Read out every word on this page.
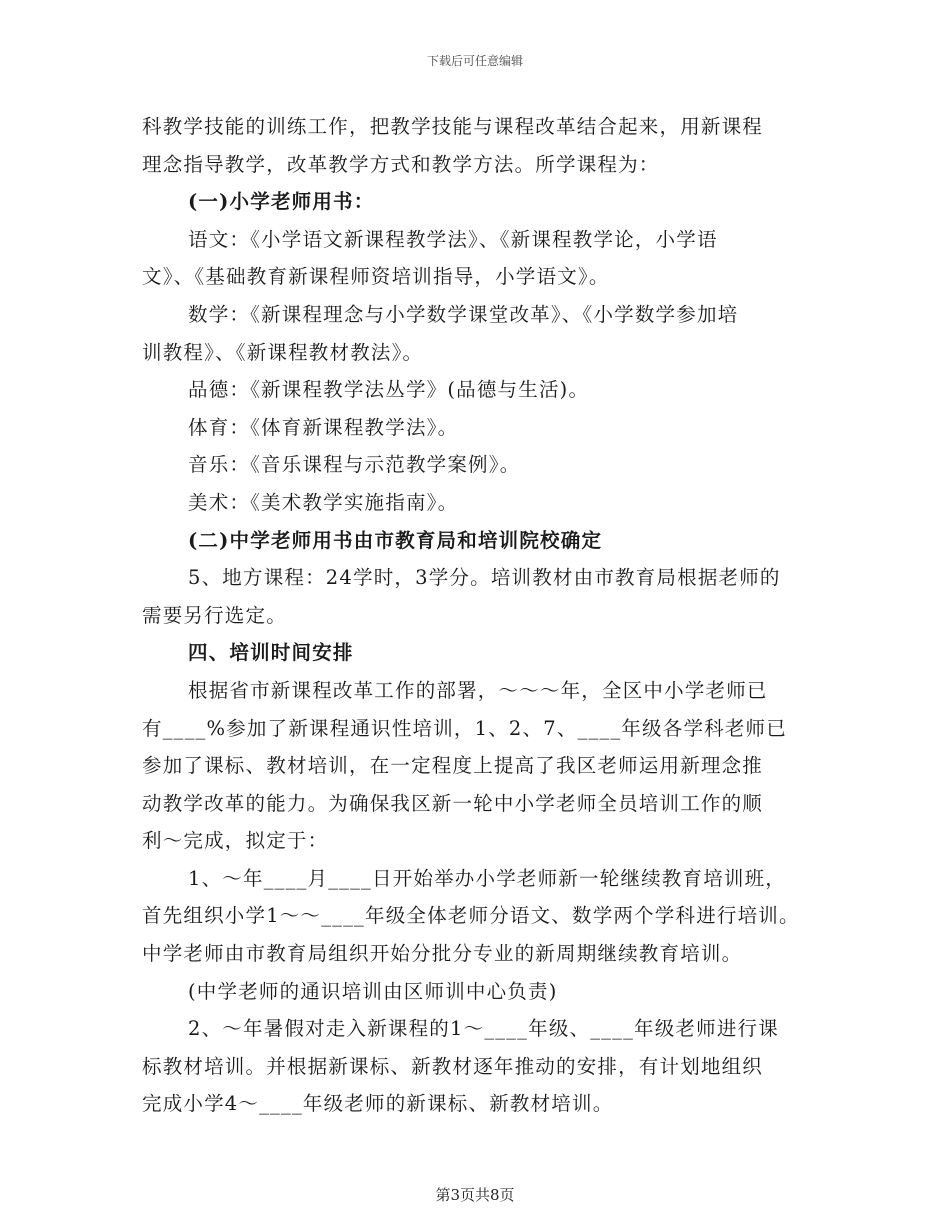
下载后可任意编辑
科教学技能的训练工作，把教学技能与课程改革结合起来，用新课程
理念指导教学，改革教学方式和教学方法。所学课程为：
(一)小学老师用书：
语文：《小学语文新课程教学法》、《新课程教学论，小学语
文》、《基础教育新课程师资培训指导，小学语文》。
数学：《新课程理念与小学数学课堂改革》、《小学数学参加培
训教程》、《新课程教材教法》。
品德：《新课程教学法丛学》(品德与生活)。
体育：《体育新课程教学法》。
音乐：《音乐课程与示范教学案例》。
美术：《美术教学实施指南》。
(二)中学老师用书由市教育局和培训院校确定
5、地方课程：24学时，3学分。培训教材由市教育局根据老师的
需要另行选定。
四、培训时间安排
根据省市新课程改革工作的部署，～～～年，全区中小学老师已
有____%参加了新课程通识性培训，1、2、7、____年级各学科老师已
参加了课标、教材培训，在一定程度上提高了我区老师运用新理念推
动教学改革的能力。为确保我区新一轮中小学老师全员培训工作的顺
利～完成，拟定于：
1、～年____月____日开始举办小学老师新一轮继续教育培训班，
首先组织小学1～～____年级全体老师分语文、数学两个学科进行培训。
中学老师由市教育局组织开始分批分专业的新周期继续教育培训。
(中学老师的通识培训由区师训中心负责)
2、～年暑假对走入新课程的1～____年级、____年级老师进行课
标教材培训。并根据新课标、新教材逐年推动的安排，有计划地组织
完成小学4～____年级老师的新课标、新教材培训。
第3页共8页
